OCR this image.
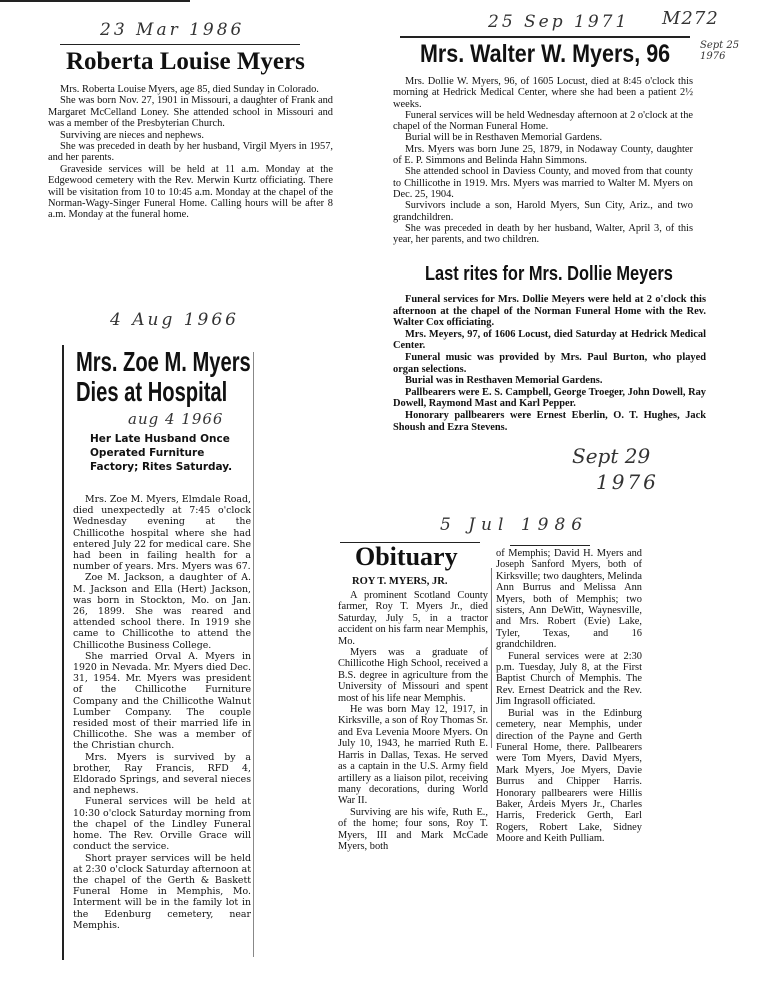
23 Mar 1986
Roberta Louise Myers

Mrs. Roberta Louise Myers, age 85, died Sunday in Colorado.

She was born Nov. 27, 1901 in Missouri, a daughter of Frank and Margaret McCelland Loney. She attended school in Missouri and was a member of the Presbyterian Church.

Surviving are nieces and nephews.

She was preceded in death by her husband, Virgil Myers in 1957, and her parents.

Graveside services will be held at 11 a.m. Monday at the Edgewood cemetery with the Rev. Merwin Kurtz officiating. There will be visitation from 10 to 10:45 a.m. Monday at the chapel of the Norman-Wagy-Singer Funeral Home. Calling hours will be after 8 a.m. Monday at the funeral home.

25 Sep 1971 M272
Mrs. Walter W. Myers, 96	Sept 25 1976

Mrs. Dollie W. Myers, 96, of 1605 Locust, died at 8:45 o'clock this morning at Hedrick Medical Center, where she had been a patient 2½ weeks.

Funeral services will be held Wednesday afternoon at 2 o'clock at the chapel of the Norman Funeral Home.

Burial will be in Resthaven Memorial Gardens.

Mrs. Myers was born June 25, 1879, in Nodaway County, daughter of E. P. Simmons and Belinda Hahn Simmons.

She attended school in Daviess County, and moved from that county to Chillicothe in 1919. Mrs. Myers was married to Walter M. Myers on Dec. 25, 1904.

Survivors include a son, Harold Myers, Sun City, Ariz., and two grandchildren.

She was preceded in death by her husband, Walter, April 3, of this year, her parents, and two children.

Last rites for Mrs. Dollie Meyers

Funeral services for Mrs. Dollie Meyers were held at 2 o'clock this afternoon at the chapel of the Norman Funeral Home with the Rev. Walter Cox officiating.

Mrs. Meyers, 97, of 1606 Locust, died Saturday at Hedrick Medical Center.

Funeral music was provided by Mrs. Paul Burton, who played organ selections.

Burial was in Resthaven Memorial Gardens.

Pallbearers were E. S. Campbell, George Troeger, John Dowell, Ray Dowell, Raymond Mast and Karl Pepper.

Honorary pallbearers were Ernest Eberlin, O. T. Hughes, Jack Shoush and Ezra Stevens.

Sept 29
1976
4 Aug 1966
Mrs. Zoe M. Myers
Dies at Hospital
aug 4 1966
Her Late Husband Once Operated Furniture Factory; Rites Saturday.

Mrs. Zoe M. Myers, Elmdale Road, died unexpectedly at 7:45 o'clock Wednesday evening at the Chillicothe hospital where she had entered July 22 for medical care. She had been in failing health for a number of years. Mrs. Myers was 67.

Zoe M. Jackson, a daughter of A. M. Jackson and Ella (Hert) Jackson, was born in Stockton, Mo. on Jan. 26, 1899. She was reared and attended school there. In 1919 she came to Chillicothe to attend the Chillicothe Business College.

She married Orval A. Myers in 1920 in Nevada. Mr. Myers died Dec. 31, 1954. Mr. Myers was president of the Chillicothe Furniture Company and the Chillicothe Walnut Lumber Company. The couple resided most of their married life in Chillicothe. She was a member of the Christian church.

Mrs. Myers is survived by a brother, Ray Francis, RFD 4, Eldorado Springs, and several nieces and nephews.

Funeral services will be held at 10:30 o'clock Saturday morning from the chapel of the Lindley Funeral home. The Rev. Orville Grace will conduct the service.

Short prayer services will be held at 2:30 o'clock Saturday afternoon at the chapel of the Gerth & Baskett Funeral Home in Memphis, Mo. Interment will be in the family lot in the Edenburg cemetery, near Memphis.

5 Jul 1986
Obituary
ROY T. MYERS, JR.

A prominent Scotland County farmer, Roy T. Myers Jr., died Saturday, July 5, in a tractor accident on his farm near Memphis, Mo.

Myers was a graduate of Chillicothe High School, received a B.S. degree in agriculture from the University of Missouri and spent most of his life near Memphis.

He was born May 12, 1917, in Kirksville, a son of Roy Thomas Sr. and Eva Levenia Moore Myers. On July 10, 1943, he married Ruth E. Harris in Dallas, Texas. He served as a captain in the U.S. Army field artillery as a liaison pilot, receiving many decorations, during World War II.

Surviving are his wife, Ruth E., of the home; four sons, Roy T. Myers, III and Mark McCade Myers, both

of Memphis; David H. Myers and Joseph Sanford Myers, both of Kirksville; two daughters, Melinda Ann Burrus and Melissa Ann Myers, both of Memphis; two sisters, Ann DeWitt, Waynesville, and Mrs. Robert (Evie) Lake, Tyler, Texas, and 16 grandchildren.

Funeral services were at 2:30 p.m. Tuesday, July 8, at the First Baptist Church of Memphis. The Rev. Ernest Deatrick and the Rev. Jim Ingrasoll officiated.

Burial was in the Edinburg cemetery, near Memphis, under direction of the Payne and Gerth Funeral Home, there. Pallbearers were Tom Myers, David Myers, Mark Myers, Joe Myers, Davie Burrus and Chipper Harris. Honorary pallbearers were Hillis Baker, Ardeis Myers Jr., Charles Harris, Frederick Gerth, Earl Rogers, Robert Lake, Sidney Moore and Keith Pulliam.
